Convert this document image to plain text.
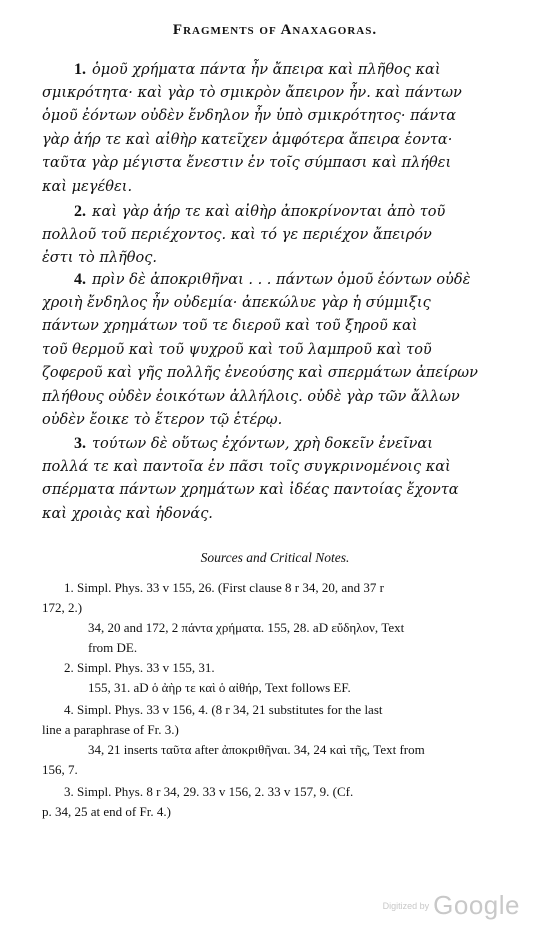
Fragments of Anaxagoras.
1. ὁμοῦ χρήματα πάντα ἦν ἄπειρα καὶ πλῆθος καὶ
σμικρότητα· καὶ γὰρ τὸ σμικρὸν ἄπειρον ἦν. καὶ πάντων
ὁμοῦ ἐόντων οὐδὲν ἔνδηλον ἦν ὑπὸ σμικρότητος· πάντα
γὰρ ἀήρ τε καὶ αἰθὴρ κατεῖχεν ἀμφότερα ἄπειρα ἐοντα·
ταῦτα γὰρ μέγιστα ἔνεστιν ἐν τοῖς σύμπασι καὶ πλήθει
καὶ μεγέθει.
2. καὶ γὰρ ἀήρ τε καὶ αἰθὴρ ἀποκρίνονται ἀπὸ τοῦ
πολλοῦ τοῦ περιέχοντος. καὶ τό γε περιέχον ἄπειρόν
ἐστι τὸ πλῆθος.
4. πρὶν δὲ ἀποκριθῆναι . . . πάντων ὁμοῦ ἐόντων οὐδὲ
χροιὴ ἔνδηλος ἦν οὐδεμία· ἀπεκώλυε γὰρ ἡ σύμμιξις
πάντων χρημάτων τοῦ τε διεροῦ καὶ τοῦ ξηροῦ καὶ
τοῦ θερμοῦ καὶ τοῦ ψυχροῦ καὶ τοῦ λαμπροῦ καὶ τοῦ
ζοφεροῦ καὶ γῆς πολλῆς ἐνεούσης καὶ σπερμάτων ἀπείρων
πλήθους οὐδὲν ἐοικότων ἀλλήλοις. οὐδὲ γὰρ τῶν ἄλλων
οὐδὲν ἔοικε τὸ ἕτερον τῷ ἑτέρῳ.
3. τούτων δὲ οὕτως ἐχόντων, χρὴ δοκεῖν ἐνεῖναι
πολλά τε καὶ παντοῖα ἐν πᾶσι τοῖς συγκρινομένοις καὶ
σπέρματα πάντων χρημάτων καὶ ἰδέας παντοίας ἔχοντα
καὶ χροιὰς καὶ ἡδονάς.
Sources and Critical Notes.
1. Simpl. Phys. 33 v 155, 26. (First clause 8 r 34, 20, and 37 r
172, 2.)
34, 20 and 172, 2 πάντα χρήματα. 155, 28. aD εὔδηλον, Text
from DE.
2. Simpl. Phys. 33 v 155, 31.
155, 31. aD ὁ ἀὴρ τε καὶ ὁ αἰθήρ, Text follows EF.
4. Simpl. Phys. 33 v 156, 4. (8 r 34, 21 substitutes for the last
line a paraphrase of Fr. 3.)
34, 21 inserts ταῦτα after ἀποκριθῆναι. 34, 24 καὶ τῆς, Text from
156, 7.
3. Simpl. Phys. 8 r 34, 29. 33 v 156, 2. 33 v 157, 9. (Cf.
p. 34, 25 at end of Fr. 4.)
Digitized by Google
